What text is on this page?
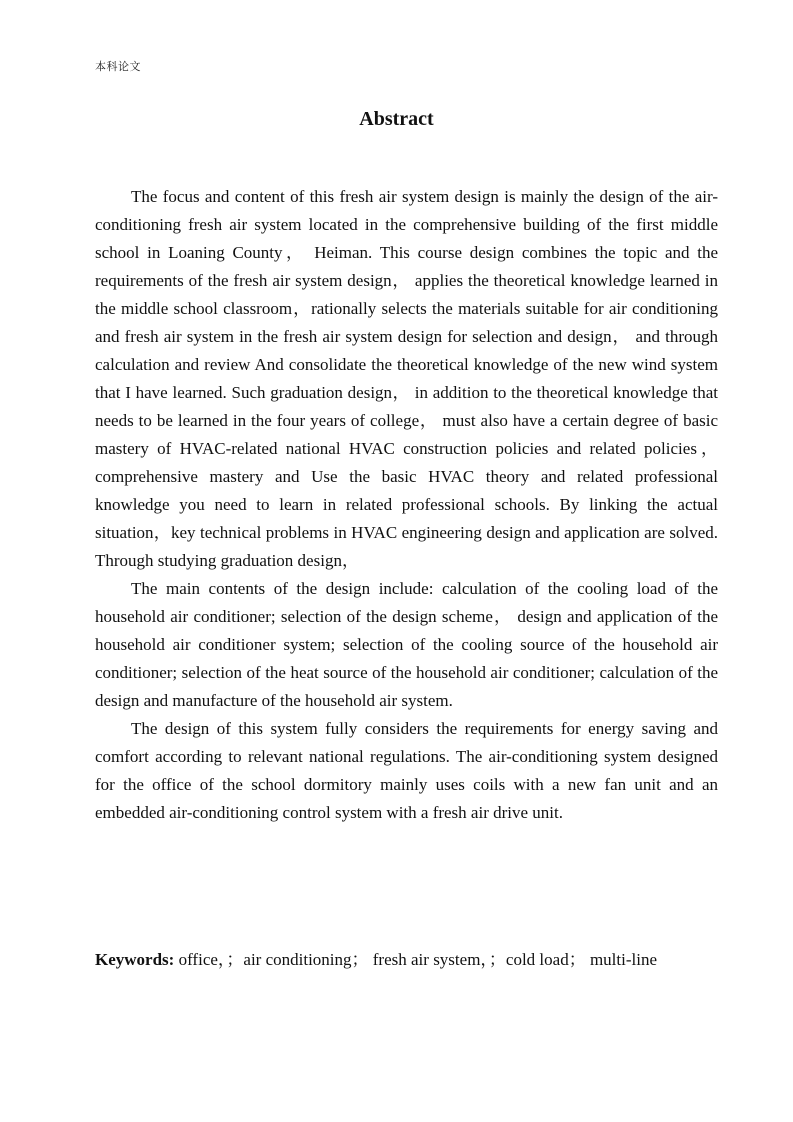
本科论文
Abstract

The focus and content of this fresh air system design is mainly the design of the air-conditioning fresh air system located in the comprehensive building of the first middle school in Loaning County， Heiman. This course design combines the topic and the requirements of the fresh air system design， applies the theoretical knowledge learned in the middle school classroom，rationally selects the materials suitable for air conditioning and fresh air system in the fresh air system design for selection and design， and through calculation and review And consolidate the theoretical knowledge of the new wind system that I have learned. Such graduation design， in addition to the theoretical knowledge that needs to be learned in the four years of college， must also have a certain degree of basic mastery of HVAC-related national HVAC construction policies and related policies， comprehensive mastery and Use the basic HVAC theory and related professional knowledge you need to learn in related professional schools. By linking the actual situation，key technical problems in HVAC engineering design and application are solved. Through studying graduation design，

The main contents of the design include: calculation of the cooling load of the household air conditioner; selection of the design scheme， design and application of the household air conditioner system; selection of the cooling source of the household air conditioner; selection of the heat source of the household air conditioner; calculation of the design and manufacture of the household air system.

The design of this system fully considers the requirements for energy saving and comfort according to relevant national regulations. The air-conditioning system designed for the office of the school dormitory mainly uses coils with a new fan unit and an embedded air-conditioning control system with a fresh air drive unit.

Keywords: office，；air conditioning； fresh air system，；cold load； multi-line
